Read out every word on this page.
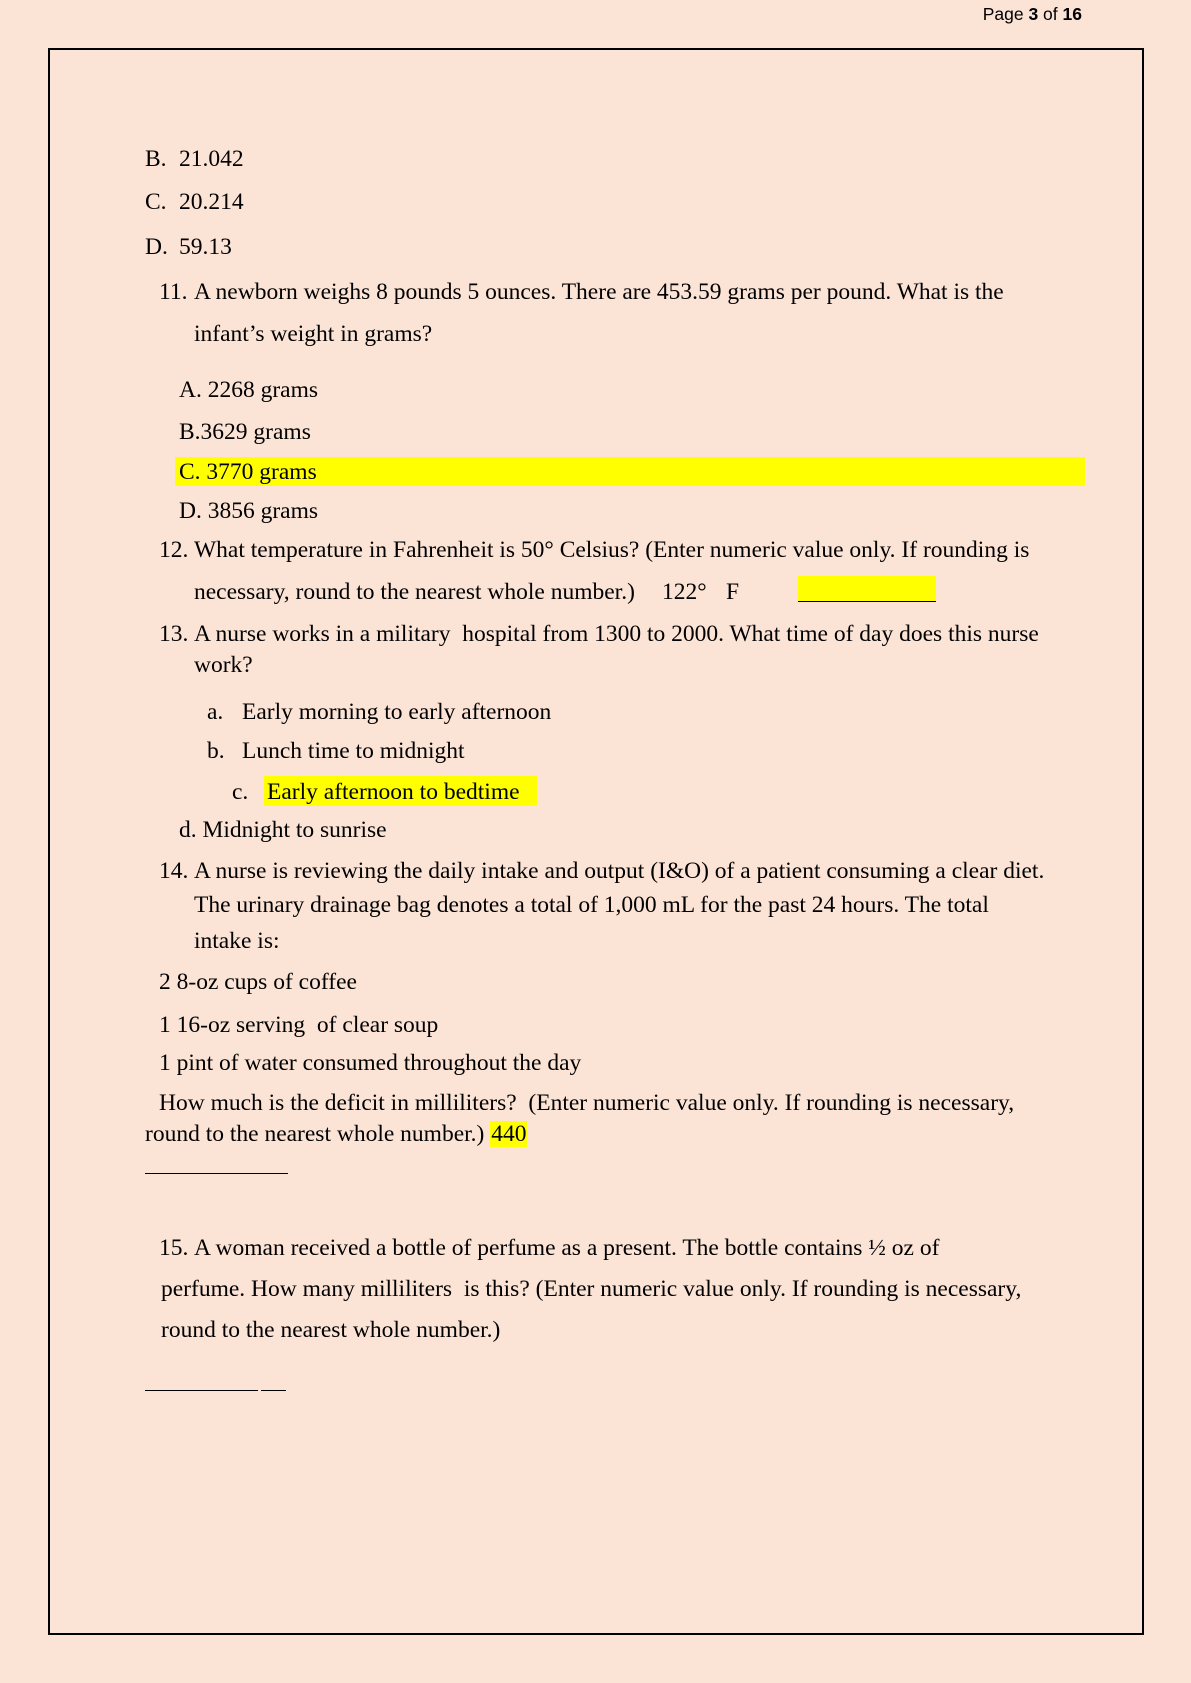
Page 3 of 16
B. 21.042
C. 20.214
D. 59.13
11. A newborn weighs 8 pounds 5 ounces. There are 453.59 grams per pound. What is the
infant’s weight in grams?
A. 2268 grams
B.3629 grams
C. 3770 grams
D. 3856 grams
12. What temperature in Fahrenheit is 50° Celsius? (Enter numeric value only. If rounding is
necessary, round to the nearest whole number.) 122° F
13. A nurse works in a military  hospital from 1300 to 2000. What time of day does this nurse
work?
a. Early morning to early afternoon
b. Lunch time to midnight
c. Early afternoon to bedtime
d. Midnight to sunrise
14. A nurse is reviewing the daily intake and output (I&O) of a patient consuming a clear diet.
The urinary drainage bag denotes a total of 1,000 mL for the past 24 hours. The total
intake is:
2 8-oz cups of coffee
1 16-oz serving  of clear soup
1 pint of water consumed throughout the day
How much is the deficit in milliliters?  (Enter numeric value only. If rounding is necessary,
round to the nearest whole number.) 440
15. A woman received a bottle of perfume as a present. The bottle contains ½ oz of
perfume. How many milliliters  is this? (Enter numeric value only. If rounding is necessary,
round to the nearest whole number.)
